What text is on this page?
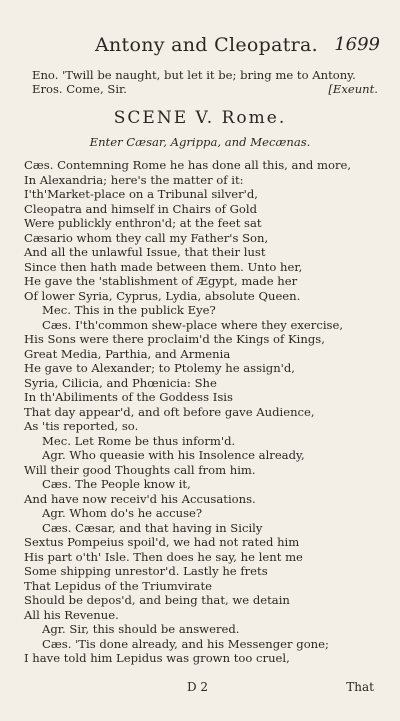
Antony and Cleopatra. 1699
Eno. 'Twill be naught, but let it be; bring me to Antony.
Eros. Come, Sir.	[Exeunt.
SCENE V. Rome.
Enter Cæsar, Agrippa, and Mecænas.
Cæs. Contemning Rome he has done all this, and more,
In Alexandria; here's the matter of it:
I'th'Market-place on a Tribunal silver'd,
Cleopatra and himself in Chairs of Gold
Were publickly enthron'd; at the feet sat
Cæsario whom they call my Father's Son,
And all the unlawful Issue, that their lust
Since then hath made between them. Unto her,
He gave the 'stablishment of Ægypt, made her
Of lower Syria, Cyprus, Lydia, absolute Queen.
Mec. This in the publick Eye?
Cæs. I'th'common shew-place where they exercise,
His Sons were there proclaim'd the Kings of Kings,
Great Media, Parthia, and Armenia
He gave to Alexander; to Ptolemy he assign'd,
Syria, Cilicia, and Phœnicia: She
In th'Abiliments of the Goddess Isis
That day appear'd, and oft before gave Audience,
As 'tis reported, so.
Mec. Let Rome be thus inform'd.
Agr. Who queasie with his Insolence already,
Will their good Thoughts call from him.
Cæs. The People know it,
And have now receiv'd his Accusations.
Agr. Whom do's he accuse?
Cæs. Cæsar, and that having in Sicily
Sextus Pompeius spoil'd, we had not rated him
His part o'th' Isle. Then does he say, he lent me
Some shipping unrestor'd. Lastly he frets
That Lepidus of the Triumvirate
Should be depos'd, and being that, we detain
All his Revenue.
Agr. Sir, this should be answered.
Cæs. 'Tis done already, and his Messenger gone;
I have told him Lepidus was grown too cruel,
D 2	That
